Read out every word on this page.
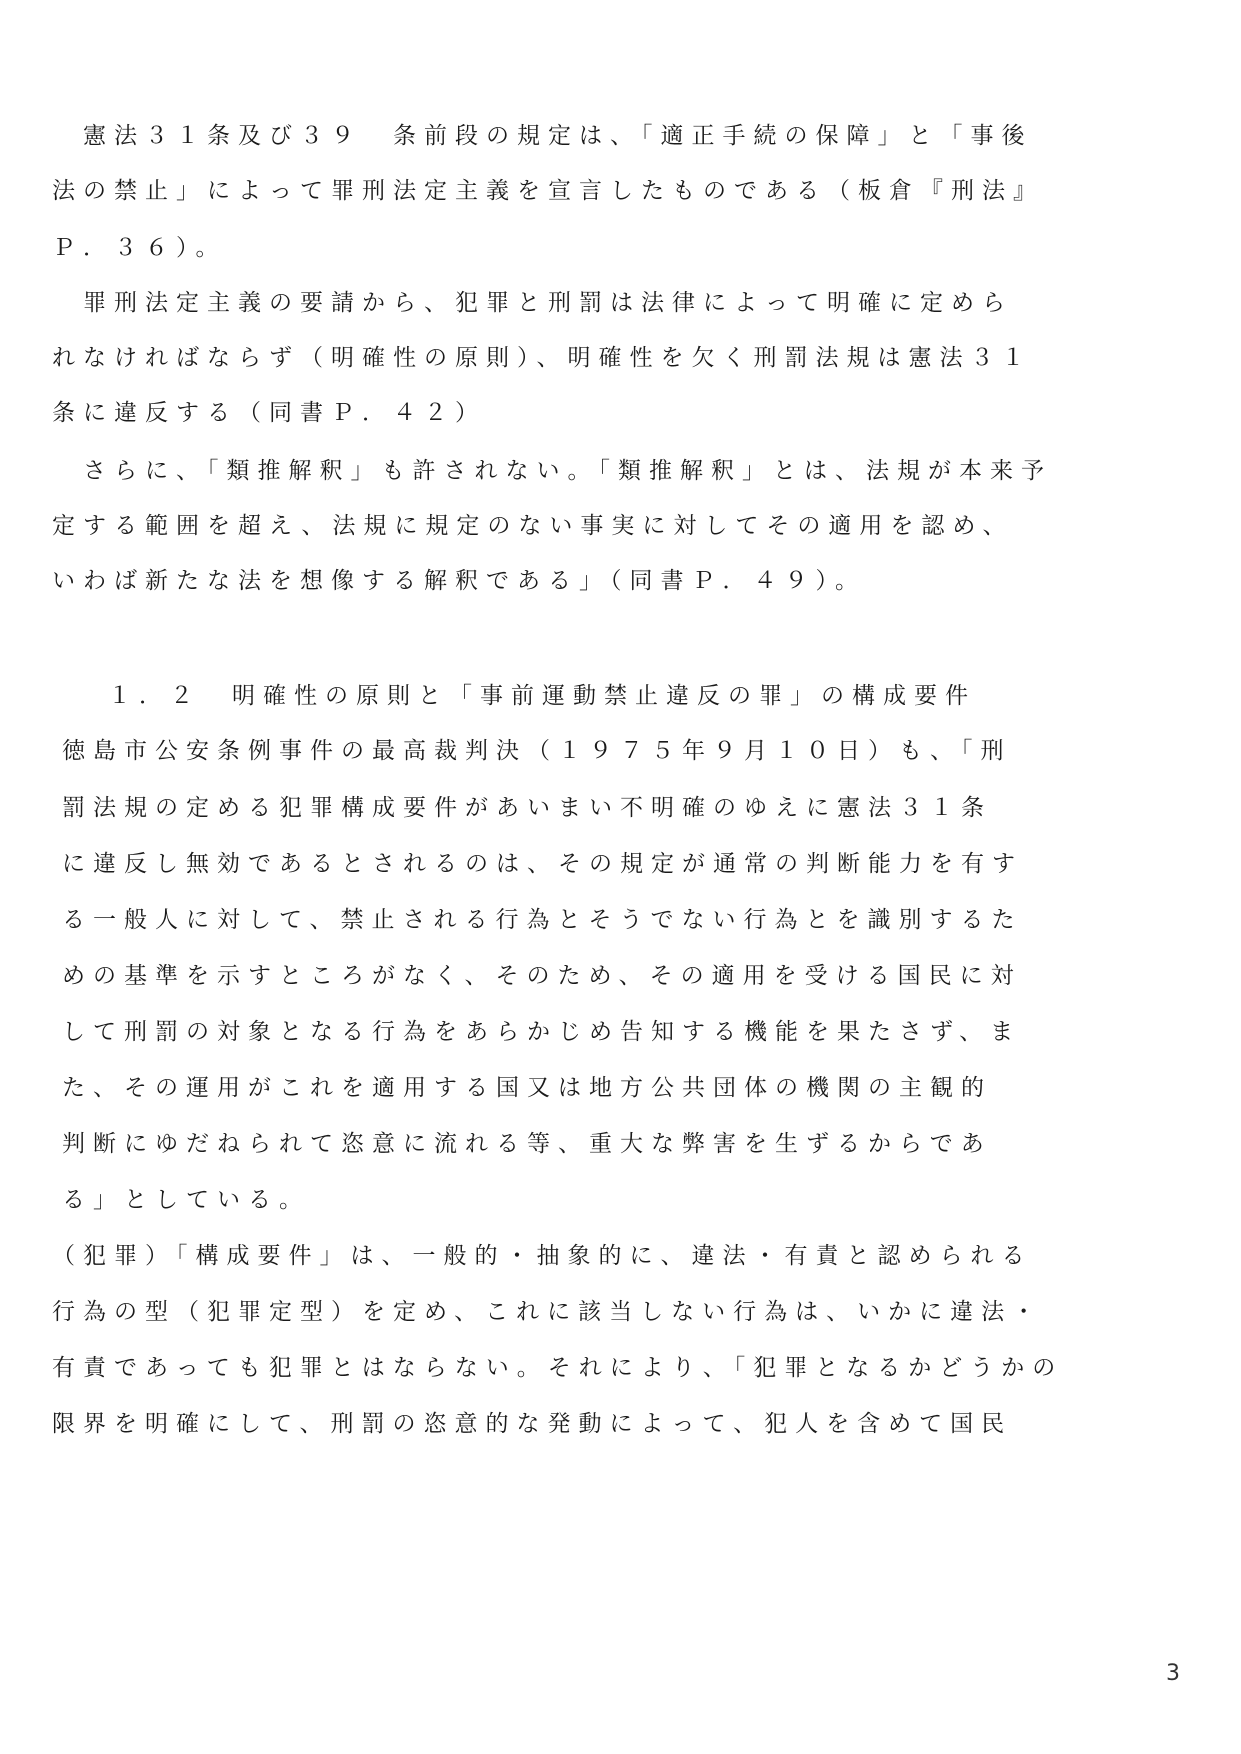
　憲法３１条及び３９　条前段の規定は、「適正手続の保障」と「事後
法の禁止」によって罪刑法定主義を宣言したものである（板倉『刑法』
Ｐ．３６）。
　罪刑法定主義の要請から、犯罪と刑罰は法律によって明確に定めら
れなければならず（明確性の原則）、明確性を欠く刑罰法規は憲法３１
条に違反する（同書Ｐ．４２）
　さらに、「類推解釈」も許されない。「類推解釈」とは、法規が本来予
定する範囲を超え、法規に規定のない事実に対してその適用を認め、
いわば新たな法を想像する解釈である」（同書Ｐ．４９）。
１．２　明確性の原則と「事前運動禁止違反の罪」の構成要件
徳島市公安条例事件の最高裁判決（１９７５年９月１０日）も、「刑
罰法規の定める犯罪構成要件があいまい不明確のゆえに憲法３１条
に違反し無効であるとされるのは、その規定が通常の判断能力を有す
る一般人に対して、禁止される行為とそうでない行為とを識別するた
めの基準を示すところがなく、そのため、その適用を受ける国民に対
して刑罰の対象となる行為をあらかじめ告知する機能を果たさず、ま
た、その運用がこれを適用する国又は地方公共団体の機関の主観的
判断にゆだねられて恣意に流れる等、重大な弊害を生ずるからであ
る」としている。
（犯罪）「構成要件」は、一般的・抽象的に、違法・有責と認められる
行為の型（犯罪定型）を定め、これに該当しない行為は、いかに違法・
有責であっても犯罪とはならない。それにより、「犯罪となるかどうかの
限界を明確にして、刑罰の恣意的な発動によって、犯人を含めて国民
3
